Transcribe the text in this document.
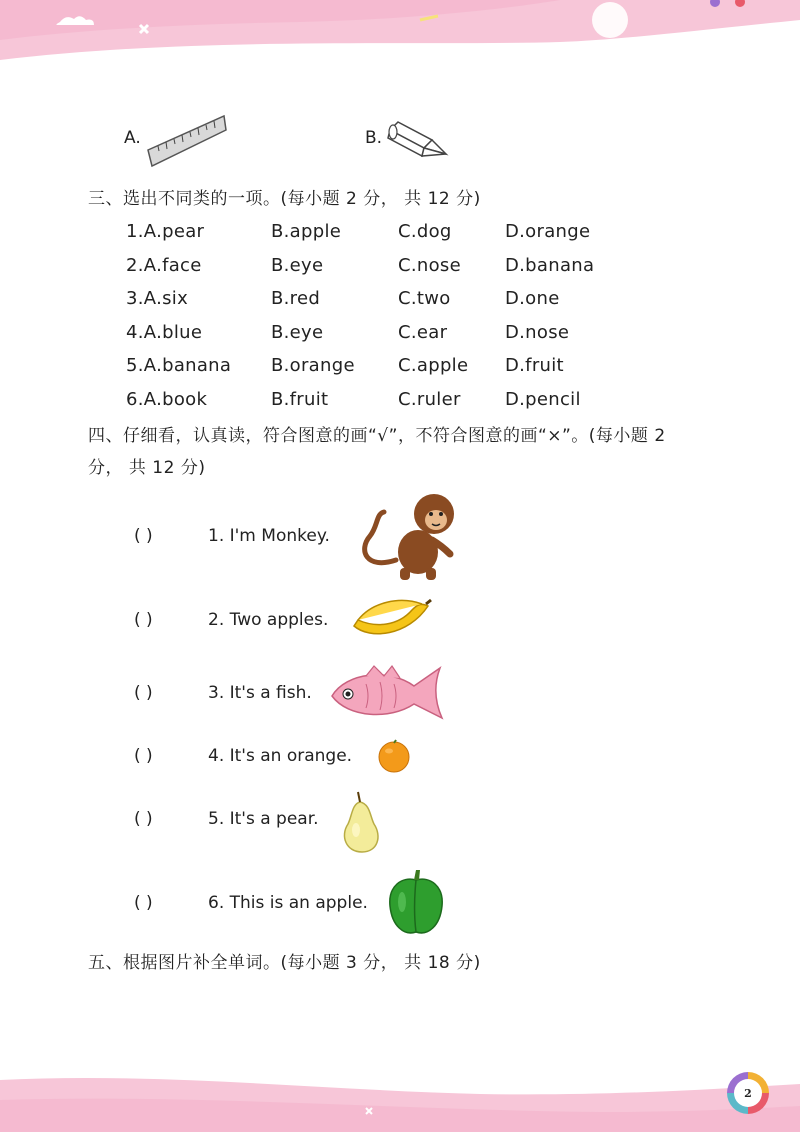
A.	B.
三、选出不同类的一项。(每小题 2 分， 共 12 分)
1.A.pear	B.apple	C.dog	D.orange
2.A.face	B.eye	C.nose D.banana
3.A.six	B.red	C.two	D.one
4.A.blue	B.eye	C.ear	D.nose
5.A.banana B.orange C.apple D.fruit
6.A.book	B.fruit	C.ruler D.pencil
四、仔细看，认真读，符合图意的画“√”，不符合图意的画“×”。(每小题 2
分， 共 12 分)
( )	1. I'm Monkey.
( )	2. Two apples.
( )	3. It's a fish.
( )	4. It's an orange.
( )	5. It's a pear.
( )	6. This is an apple.
五、根据图片补全单词。(每小题 3 分， 共 18 分)
2
